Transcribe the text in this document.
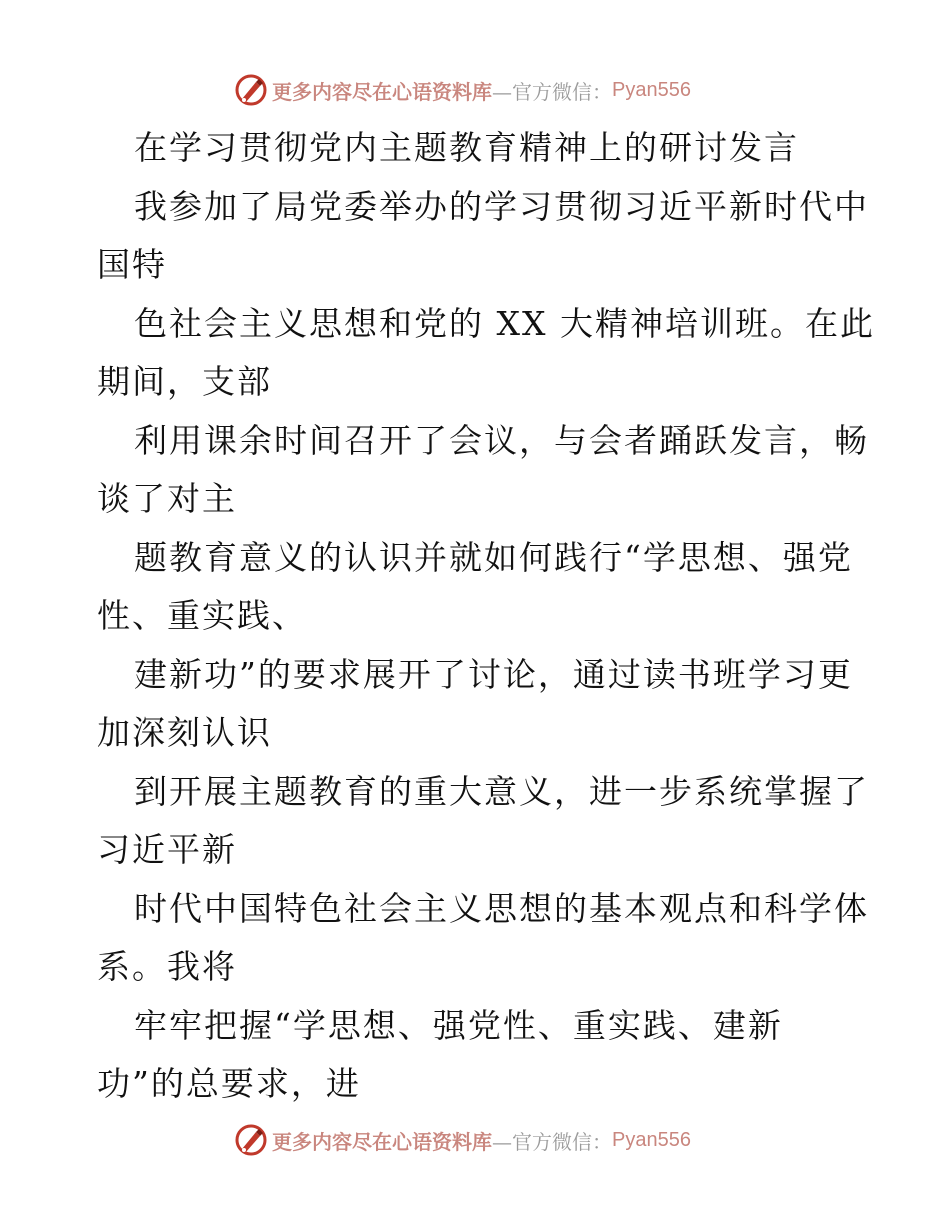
更多内容尽在心语资料库 —官方微信： Pyan556
在学习贯彻党内主题教育精神上的研讨发言
我参加了局党委举办的学习贯彻习近平新时代中
国特
色社会主义思想和党的 XX 大精神培训班。在此
期间，支部
利用课余时间召开了会议，与会者踊跃发言，畅
谈了对主
题教育意义的认识并就如何践行“学思想、强党
性、重实践、
建新功”的要求展开了讨论，通过读书班学习更
加深刻认识
到开展主题教育的重大意义，进一步系统掌握了
习近平新
时代中国特色社会主义思想的基本观点和科学体
系。我将
牢牢把握“学思想、强党性、重实践、建新
功”的总要求，进
更多内容尽在心语资料库 —官方微信： Pyan556
